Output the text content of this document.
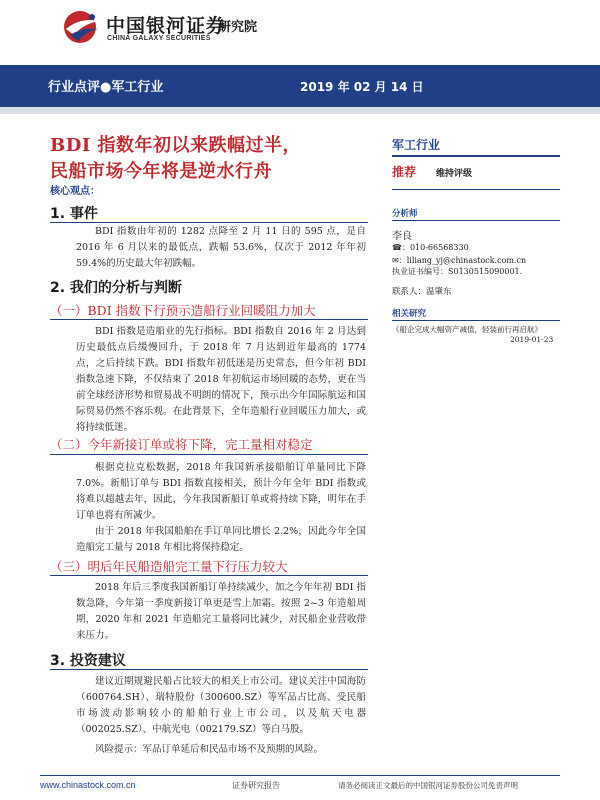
中国银河证券
CHINA GALAXY SECURITIES
研究院
行业点评●军工行业	2019 年 02 月 14 日
BDI 指数年初以来跌幅过半，
民船市场今年将是逆水行舟
核心观点：
1. 事件
BDI 指数由年初的 1282 点降至 2 月 11 日的 595 点，是自 2016 年 6 月以来的最低点，跌幅 53.6%，仅次于 2012 年年初 59.4%的历史最大年初跌幅。
2. 我们的分析与判断
（一）BDI 指数下行预示造船行业回暖阻力加大
BDI 指数是造船业的先行指标。BDI 指数自 2016 年 2 月达到历史最低点后缓慢回升，于 2018 年 7 月达到近年最高的 1774 点，之后持续下跌。BDI 指数年初低迷是历史常态，但今年初 BDI 指数急速下降，不仅结束了 2018 年初航运市场回暖的态势，更在当前全球经济形势和贸易战不明朗的情况下，预示出今年国际航运和国际贸易仍然不容乐观。在此背景下，全年造船行业回暖压力加大，或将持续低迷。
（二）今年新接订单或将下降，完工量相对稳定
根据克拉克松数据，2018 年我国新承接船舶订单量同比下降 7.0%。新船订单与 BDI 指数直接相关，预计今年全年 BDI 指数或将难以超越去年，因此，今年我国新船订单或将持续下降，明年在手订单也将有所减少。
由于 2018 年我国船舶在手订单同比增长 2.2%，因此今年全国造船完工量与 2018 年相比将保持稳定。
（三）明后年民船造船完工量下行压力较大
2018 年后三季度我国新船订单持续减少，加之今年年初 BDI 指数急降，今年第一季度新接订单更是雪上加霜。按照 2~3 年造船周期，2020 年和 2021 年造船完工量将同比减少，对民船企业营收带来压力。
3. 投资建议
建议近期规避民船占比较大的相关上市公司。建议关注中国海防（600764.SH）、瑞特股份（300600.SZ）等军品占比高、受民船市场波动影响较小的船舶行业上市公司，以及航天电器（002025.SZ）、中航光电（002179.SZ）等白马股。
风险提示：军品订单延后和民品市场不及预期的风险。
军工行业
推荐 维持评级
分析师
李良
☎：010-66568330
✉：liliang_yj@chinastock.com.cn
执业证书编号：S0130515090001.
联系人：温肇东
相关研究
《船企完成大幅资产减值，轻装前行再启航》
2019-01-23
www.chinastock.com.cn	证券研究报告	请务必阅读正文最后的中国银河证券股份公司免责声明
